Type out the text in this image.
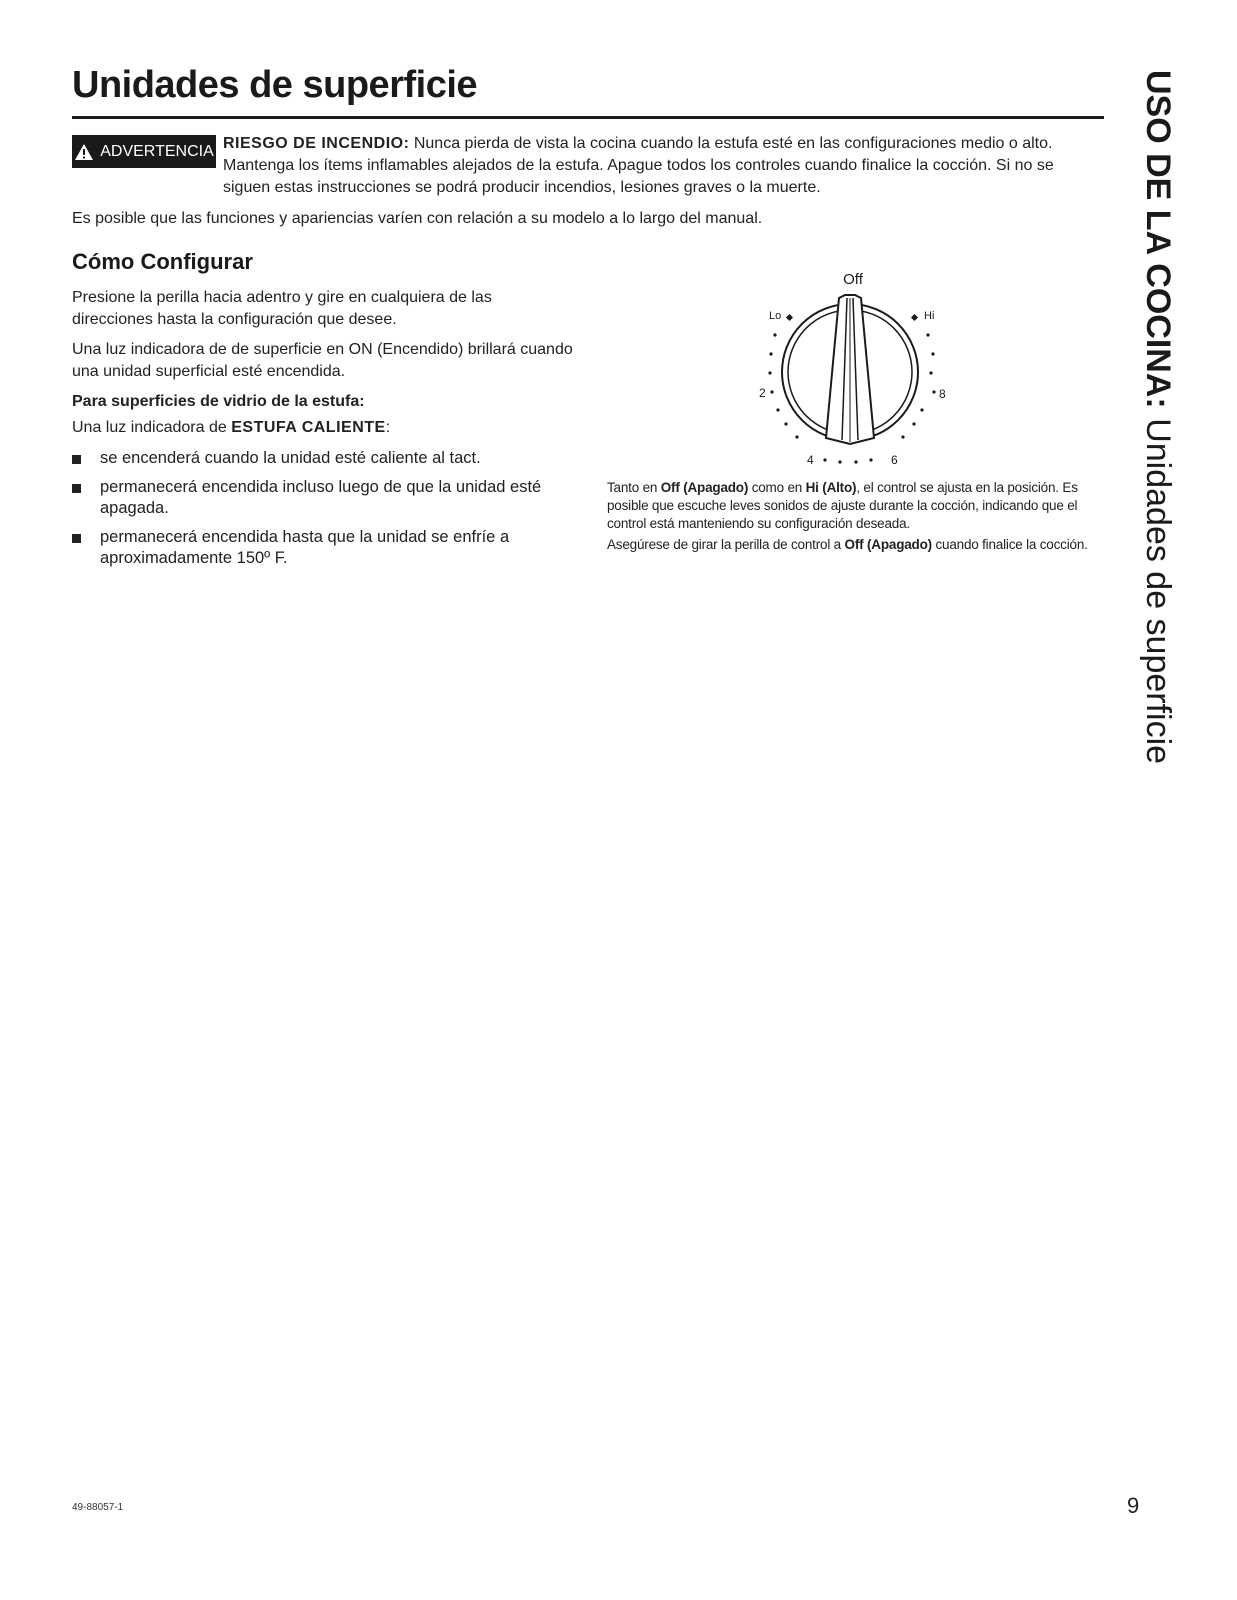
Unidades de superficie
ADVERTENCIA RIESGO DE INCENDIO: Nunca pierda de vista la cocina cuando la estufa esté en las configuraciones medio o alto. Mantenga los ítems inflamables alejados de la estufa. Apague todos los controles cuando finalice la cocción. Si no se siguen estas instrucciones se podrá producir incendios, lesiones graves o la muerte.

Es posible que las funciones y apariencias varíen con relación a su modelo a lo largo del manual.

Cómo Configurar

Presione la perilla hacia adentro y gire en cualquiera de las direcciones hasta la configuración que desee.

Una luz indicadora de de superficie en ON (Encendido) brillará cuando una unidad superficial esté encendida.

Para superficies de vidrio de la estufa:

Una luz indicadora de ESTUFA CALIENTE:

se encenderá cuando la unidad esté caliente al tact.
permanecerá encendida incluso luego de que la unidad esté apagada.
permanecerá encendida hasta que la unidad se enfríe a aproximadamente 150º F.
Off
Lo	Hi
2	8
4	6

Tanto en Off (Apagado) como en Hi (Alto), el control se ajusta en la posición. Es posible que escuche leves sonidos de ajuste durante la cocción, indicando que el control está manteniendo su configuración deseada.

Asegúrese de girar la perilla de control a Off (Apagado) cuando finalice la cocción.

USO DE LA COCINA: Unidades de superficie
49-88057-1	9
